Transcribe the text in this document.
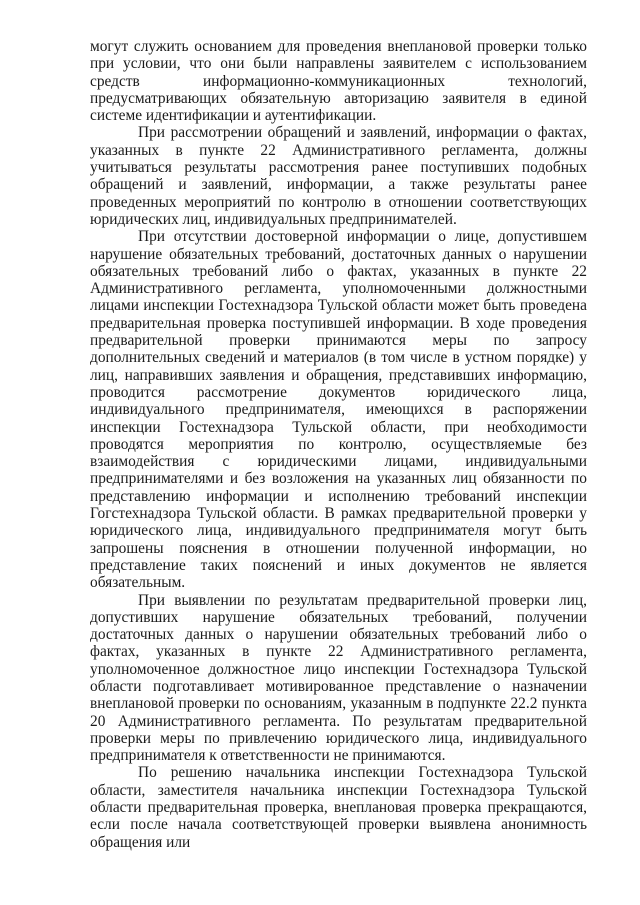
могут служить основанием для проведения внеплановой проверки только при условии, что они были направлены заявителем с использованием средств информационно-коммуникационных технологий, предусматривающих обязательную авторизацию заявителя в единой системе идентификации и аутентификации.

При рассмотрении обращений и заявлений, информации о фактах, указанных в пункте 22 Административного регламента, должны учитываться результаты рассмотрения ранее поступивших подобных обращений и заявлений, информации, а также результаты ранее проведенных мероприятий по контролю в отношении соответствующих юридических лиц, индивидуальных предпринимателей.

При отсутствии достоверной информации о лице, допустившем нарушение обязательных требований, достаточных данных о нарушении обязательных требований либо о фактах, указанных в пункте 22 Административного регламента, уполномоченными должностными лицами инспекции Гостехнадзора Тульской области может быть проведена предварительная проверка поступившей информации. В ходе проведения предварительной проверки принимаются меры по запросу дополнительных сведений и материалов (в том числе в устном порядке) у лиц, направивших заявления и обращения, представивших информацию, проводится рассмотрение документов юридического лица, индивидуального предпринимателя, имеющихся в распоряжении инспекции Гостехнадзора Тульской области, при необходимости проводятся мероприятия по контролю, осуществляемые без взаимодействия с юридическими лицами, индивидуальными предпринимателями и без возложения на указанных лиц обязанности по представлению информации и исполнению требований инспекции Гогстехнадзора Тульской области. В рамках предварительной проверки у юридического лица, индивидуального предпринимателя могут быть запрошены пояснения в отношении полученной информации, но представление таких пояснений и иных документов не является обязательным.

При выявлении по результатам предварительной проверки лиц, допустивших нарушение обязательных требований, получении достаточных данных о нарушении обязательных требований либо о фактах, указанных в пункте 22 Административного регламента, уполномоченное должностное лицо инспекции Гостехнадзора Тульской области подготавливает мотивированное представление о назначении внеплановой проверки по основаниям, указанным в подпункте 22.2 пункта 20 Административного регламента. По результатам предварительной проверки меры по привлечению юридического лица, индивидуального предпринимателя к ответственности не принимаются.

По решению начальника инспекции Гостехнадзора Тульской области, заместителя начальника инспекции Гостехнадзора Тульской области предварительная проверка, внеплановая проверка прекращаются, если после начала соответствующей проверки выявлена анонимность обращения или
